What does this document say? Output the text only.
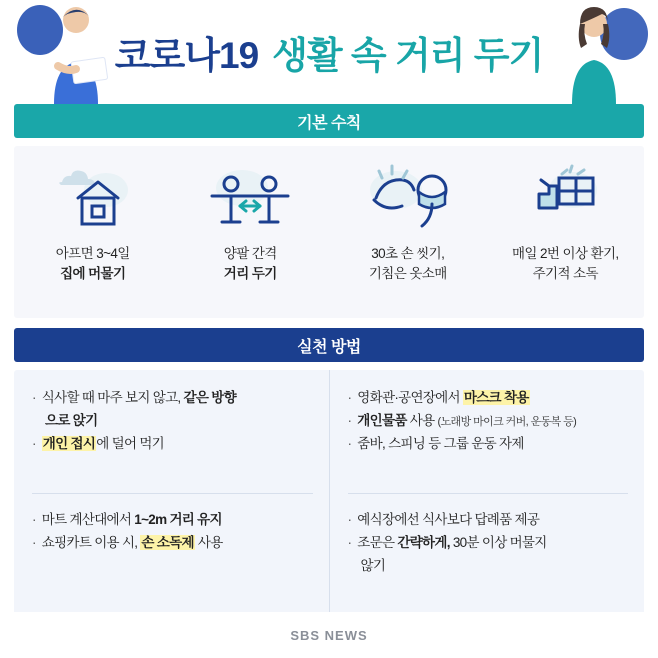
코로나19 생활 속 거리 두기
기본 수칙
아프면 3~4일
집에 머물기
양팔 간격
거리 두기
30초 손 씻기,
기침은 옷소매
매일 2번 이상 환기,
주기적 소독
실천 방법
· 식사할 때 마주 보지 않고, 같은 방향
으로 앉기
· 개인 접시에 덜어 먹기
· 마트 계산대에서 1~2m 거리 유지
· 쇼핑카트 이용 시, 손 소독제 사용
· 영화관·공연장에서 마스크 착용
· 개인물품 사용 (노래방 마이크 커버, 운동복 등)
· 줌바, 스피닝 등 그룹 운동 자제
· 예식장에선 식사보다 답례품 제공
· 조문은 간략하게, 30분 이상 머물지
않기
SBS NEWS
